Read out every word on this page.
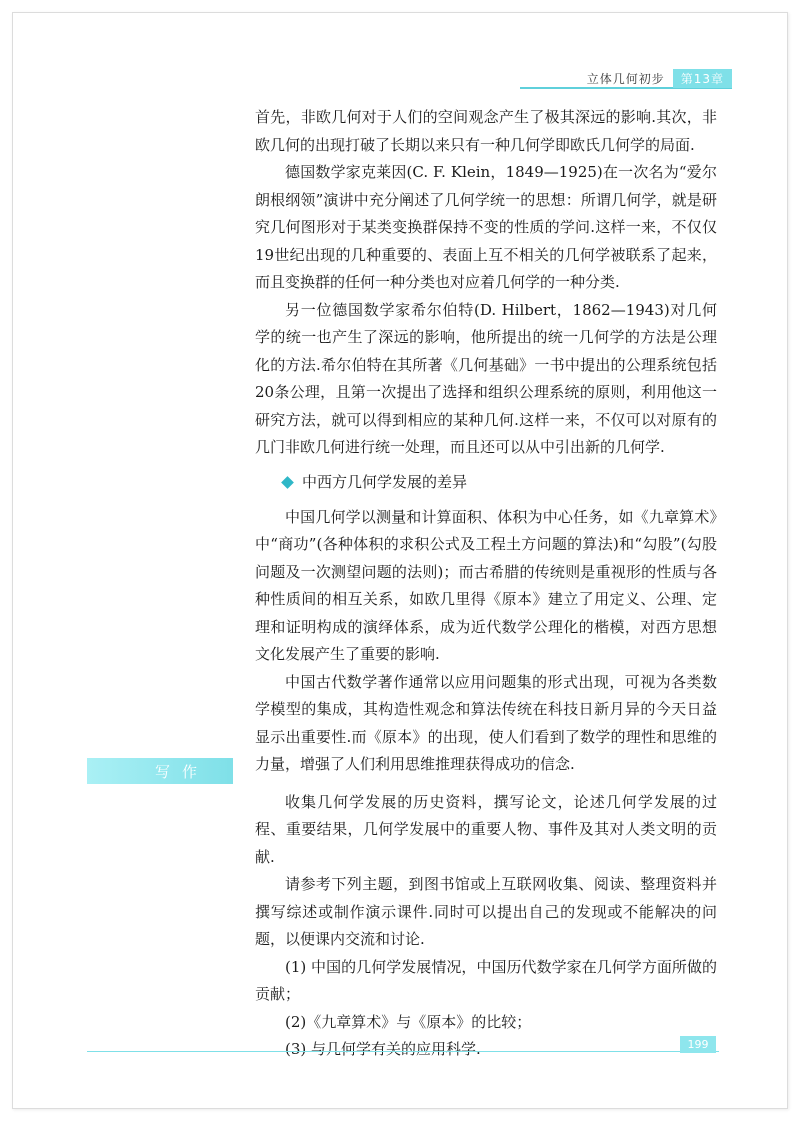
立体几何初步	第13章
写作

首先，非欧几何对于人们的空间观念产生了极其深远的影响.其次，非欧几何的出现打破了长期以来只有一种几何学即欧氏几何学的局面.

德国数学家克莱因(C. F. Klein，1849—1925)在一次名为“爱尔朗根纲领”演讲中充分阐述了几何学统一的思想：所谓几何学，就是研究几何图形对于某类变换群保持不变的性质的学问.这样一来，不仅仅19世纪出现的几种重要的、表面上互不相关的几何学被联系了起来，而且变换群的任何一种分类也对应着几何学的一种分类.

另一位德国数学家希尔伯特(D. Hilbert，1862—1943)对几何学的统一也产生了深远的影响，他所提出的统一几何学的方法是公理化的方法.希尔伯特在其所著《几何基础》一书中提出的公理系统包括20条公理，且第一次提出了选择和组织公理系统的原则，利用他这一研究方法，就可以得到相应的某种几何.这样一来，不仅可以对原有的几门非欧几何进行统一处理，而且还可以从中引出新的几何学.

中西方几何学发展的差异

中国几何学以测量和计算面积、体积为中心任务，如《九章算术》中“商功”(各种体积的求积公式及工程土方问题的算法)和“勾股”(勾股问题及一次测望问题的法则)；而古希腊的传统则是重视形的性质与各种性质间的相互关系，如欧几里得《原本》建立了用定义、公理、定理和证明构成的演绎体系，成为近代数学公理化的楷模，对西方思想文化发展产生了重要的影响.

中国古代数学著作通常以应用问题集的形式出现，可视为各类数学模型的集成，其构造性观念和算法传统在科技日新月异的今天日益显示出重要性.而《原本》的出现，使人们看到了数学的理性和思维的力量，增强了人们利用思维推理获得成功的信念.

收集几何学发展的历史资料，撰写论文，论述几何学发展的过程、重要结果，几何学发展中的重要人物、事件及其对人类文明的贡献.

请参考下列主题，到图书馆或上互联网收集、阅读、整理资料并撰写综述或制作演示课件.同时可以提出自己的发现或不能解决的问题，以便课内交流和讨论.

(1) 中国的几何学发展情况，中国历代数学家在几何学方面所做的贡献；

(2)《九章算术》与《原本》的比较；

(3) 与几何学有关的应用科学.	199
